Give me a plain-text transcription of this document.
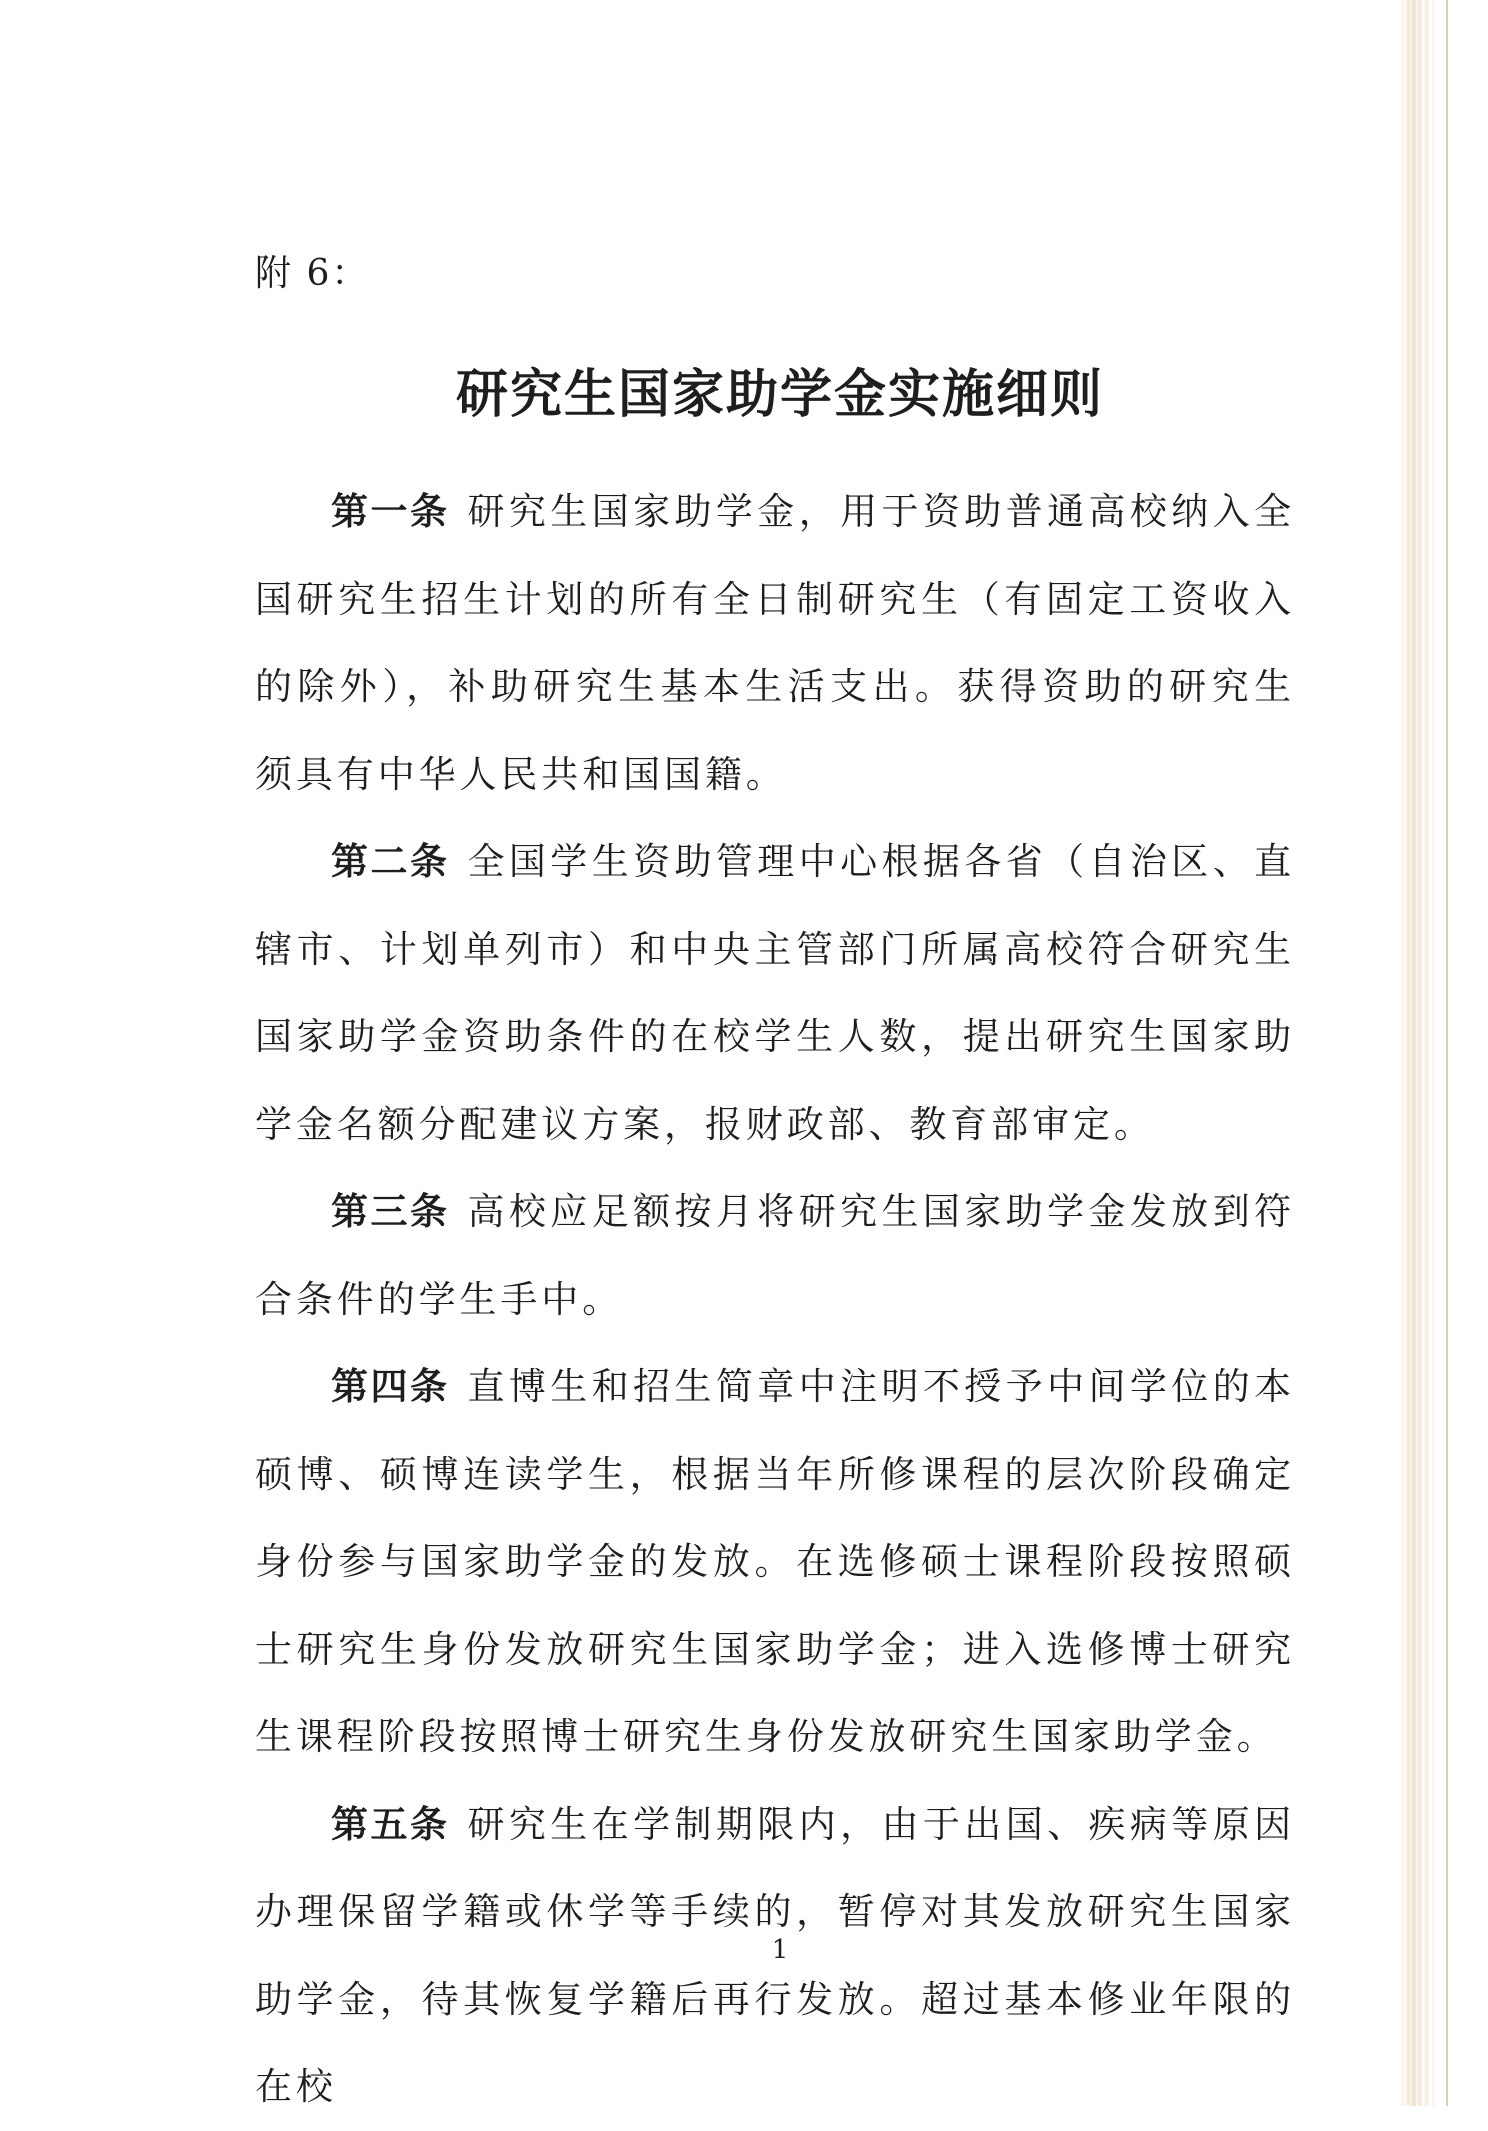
附 6：
研究生国家助学金实施细则

第一条 研究生国家助学金，用于资助普通高校纳入全国研究生招生计划的所有全日制研究生（有固定工资收入的除外），补助研究生基本生活支出。获得资助的研究生须具有中华人民共和国国籍。

第二条 全国学生资助管理中心根据各省（自治区、直辖市、计划单列市）和中央主管部门所属高校符合研究生国家助学金资助条件的在校学生人数，提出研究生国家助学金名额分配建议方案，报财政部、教育部审定。

第三条 高校应足额按月将研究生国家助学金发放到符合条件的学生手中。

第四条 直博生和招生简章中注明不授予中间学位的本硕博、硕博连读学生，根据当年所修课程的层次阶段确定身份参与国家助学金的发放。在选修硕士课程阶段按照硕士研究生身份发放研究生国家助学金；进入选修博士研究生课程阶段按照博士研究生身份发放研究生国家助学金。

第五条 研究生在学制期限内，由于出国、疾病等原因办理保留学籍或休学等手续的，暂停对其发放研究生国家助学金，待其恢复学籍后再行发放。超过基本修业年限的在校

1
